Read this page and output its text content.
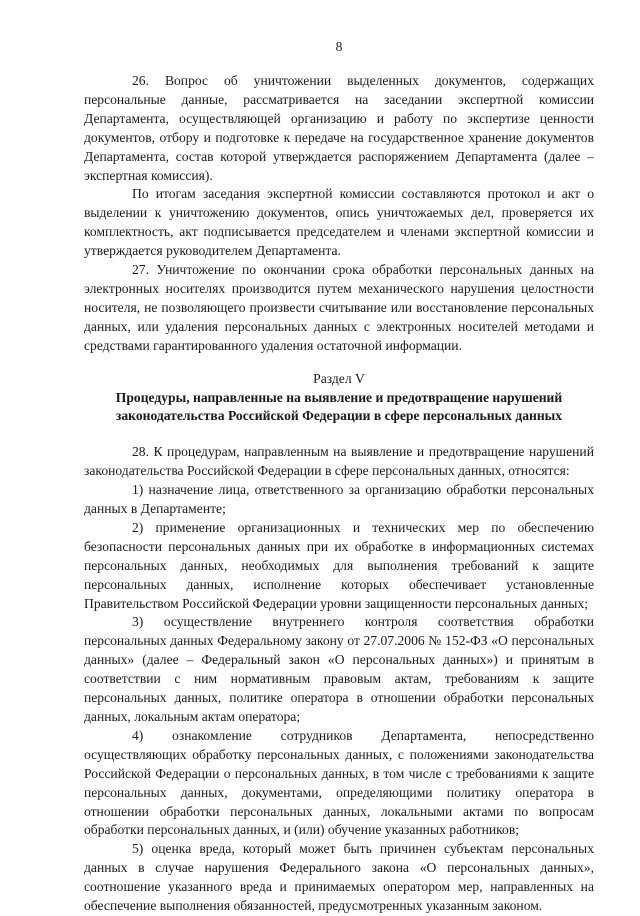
8

26. Вопрос об уничтожении выделенных документов, содержащих персональные данные, рассматривается на заседании экспертной комиссии Департамента, осуществляющей организацию и работу по экспертизе ценности документов, отбору и подготовке к передаче на государственное хранение документов Департамента, состав которой утверждается распоряжением Департамента (далее – экспертная комиссия).

По итогам заседания экспертной комиссии составляются протокол и акт о выделении к уничтожению документов, опись уничтожаемых дел, проверяется их комплектность, акт подписывается председателем и членами экспертной комиссии и утверждается руководителем Департамента.

27. Уничтожение по окончании срока обработки персональных данных на электронных носителях производится путем механического нарушения целостности носителя, не позволяющего произвести считывание или восстановление персональных данных, или удаления персональных данных с электронных носителей методами и средствами гарантированного удаления остаточной информации.

Раздел V

Процедуры, направленные на выявление и предотвращение нарушений
законодательства Российской Федерации в сфере персональных данных

28. К процедурам, направленным на выявление и предотвращение нарушений законодательства Российской Федерации в сфере персональных данных, относятся:

1) назначение лица, ответственного за организацию обработки персональных данных в Департаменте;

2) применение организационных и технических мер по обеспечению безопасности персональных данных при их обработке в информационных системах персональных данных, необходимых для выполнения требований к защите персональных данных, исполнение которых обеспечивает установленные Правительством Российской Федерации уровни защищенности персональных данных;

3) осуществление внутреннего контроля соответствия обработки персональных данных Федеральному закону от 27.07.2006 № 152-ФЗ «О персональных данных» (далее – Федеральный закон «О персональных данных») и принятым в соответствии с ним нормативным правовым актам, требованиям к защите персональных данных, политике оператора в отношении обработки персональных данных, локальным актам оператора;

4) ознакомление сотрудников Департамента, непосредственно осуществляющих обработку персональных данных, с положениями законодательства Российской Федерации о персональных данных, в том числе с требованиями к защите персональных данных, документами, определяющими политику оператора в отношении обработки персональных данных, локальными актами по вопросам обработки персональных данных, и (или) обучение указанных работников;

5) оценка вреда, который может быть причинен субъектам персональных данных в случае нарушения Федерального закона «О персональных данных», соотношение указанного вреда и принимаемых оператором мер, направленных на обеспечение выполнения обязанностей, предусмотренных указанным законом.
